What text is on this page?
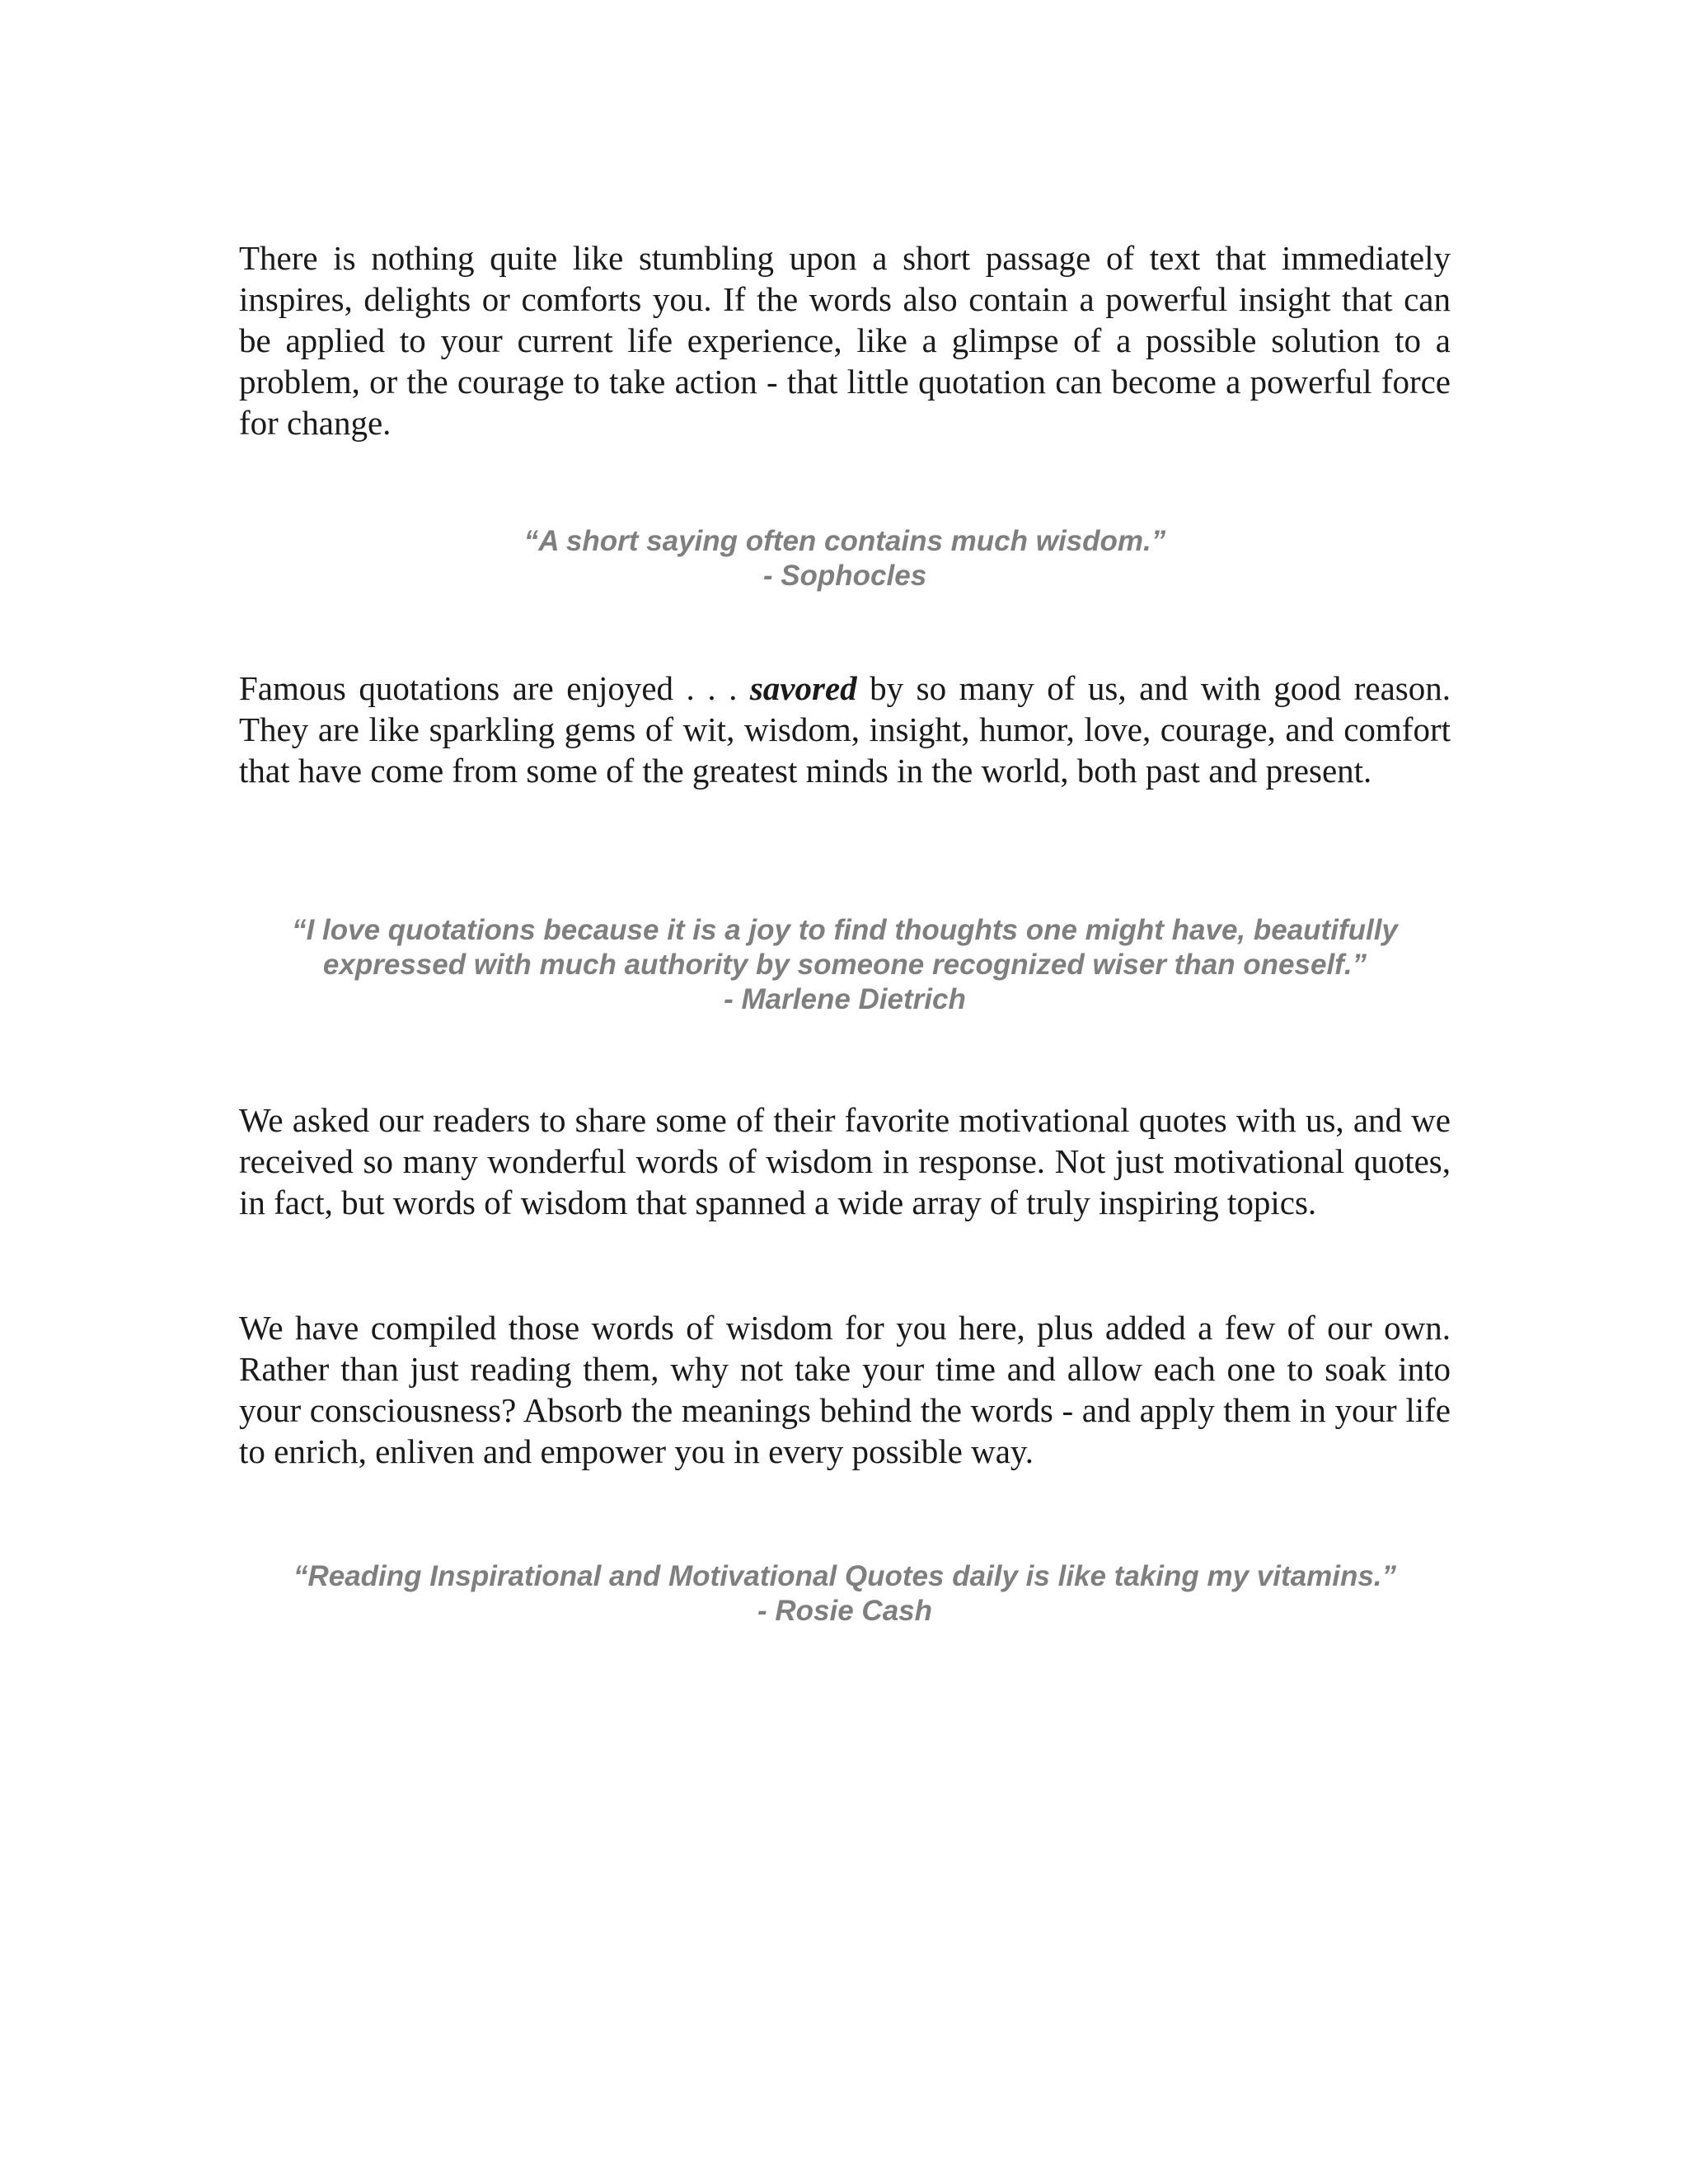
There is nothing quite like stumbling upon a short passage of text that immediately inspires, delights or comforts you. If the words also contain a powerful insight that can be applied to your current life experience, like a glimpse of a possible solution to a problem, or the courage to take action - that little quotation can become a powerful force for change.

“A short saying often contains much wisdom.”
- Sophocles

Famous quotations are enjoyed . . . savored by so many of us, and with good reason. They are like sparkling gems of wit, wisdom, insight, humor, love, courage, and comfort that have come from some of the greatest minds in the world, both past and present.

“I love quotations because it is a joy to find thoughts one might have, beautifully
expressed with much authority by someone recognized wiser than oneself.”
- Marlene Dietrich

We asked our readers to share some of their favorite motivational quotes with us, and we received so many wonderful words of wisdom in response. Not just motivational quotes, in fact, but words of wisdom that spanned a wide array of truly inspiring topics.

We have compiled those words of wisdom for you here, plus added a few of our own. Rather than just reading them, why not take your time and allow each one to soak into your consciousness? Absorb the meanings behind the words - and apply them in your life to enrich, enliven and empower you in every possible way.

“Reading Inspirational and Motivational Quotes daily is like taking my vitamins.”
- Rosie Cash
